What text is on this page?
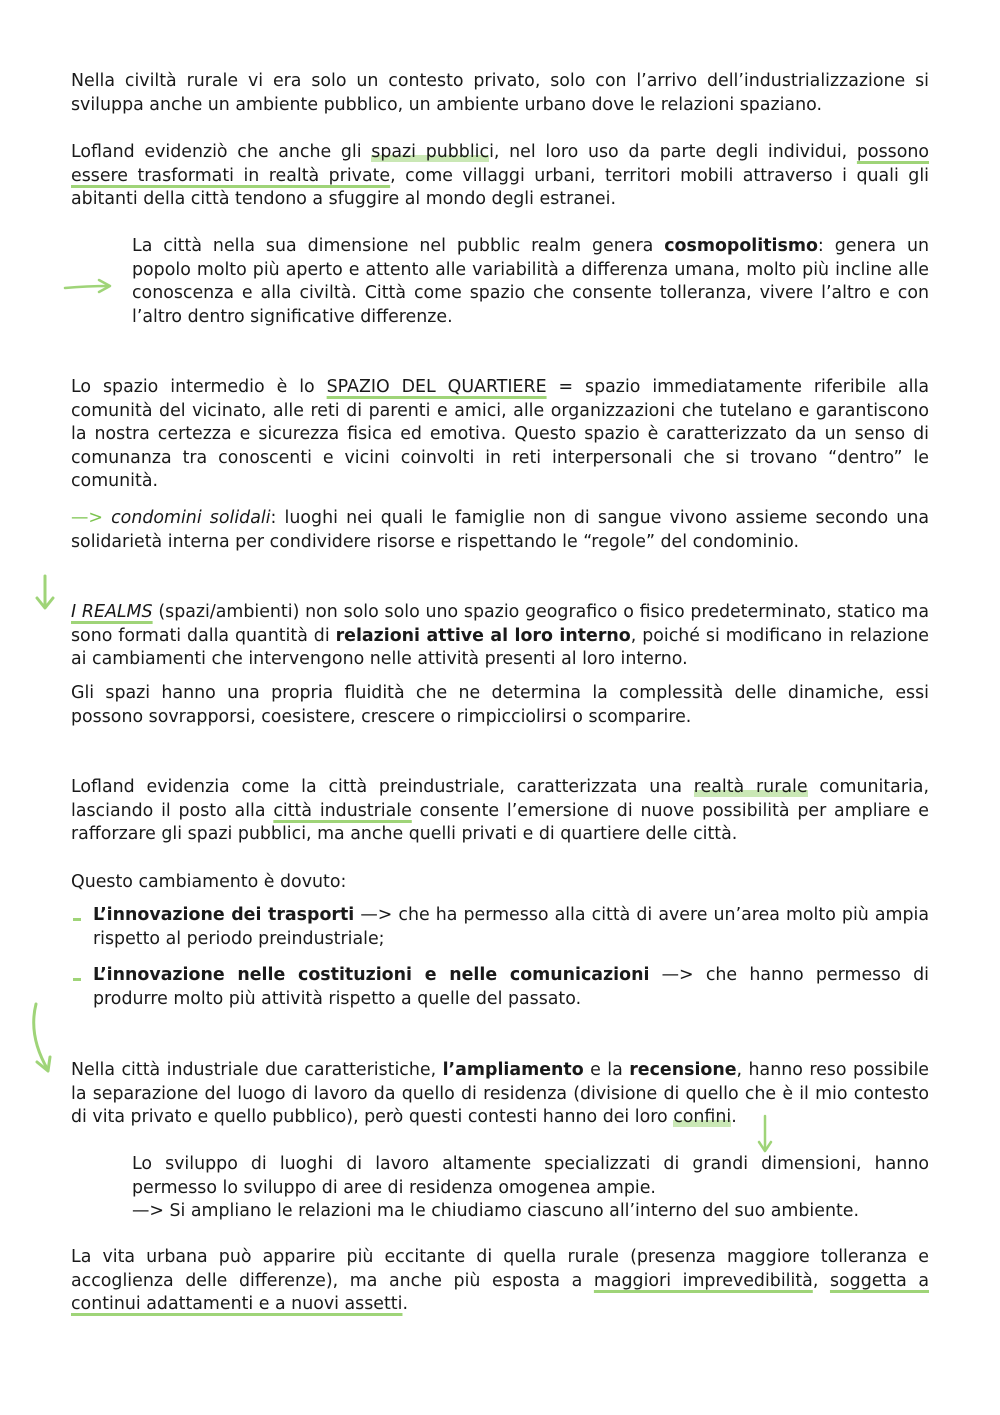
Nella civiltà rurale vi era solo un contesto privato, solo con l’arrivo dell’industrializzazione si sviluppa anche un ambiente pubblico, un ambiente urbano dove le relazioni spaziano.

Lofland evidenziò che anche gli spazi pubblici, nel loro uso da parte degli individui, possono essere trasformati in realtà private, come villaggi urbani, territori mobili attraverso i quali gli abitanti della città tendono a sfuggire al mondo degli estranei.

La città nella sua dimensione nel pubblic realm genera cosmopolitismo: genera un popolo molto più aperto e attento alle variabilità a differenza umana, molto più incline alle conoscenza e alla civiltà. Città come spazio che consente tolleranza, vivere l’altro e con l’altro dentro significative differenze.

Lo spazio intermedio è lo SPAZIO DEL QUARTIERE = spazio immediatamente riferibile alla comunità del vicinato, alle reti di parenti e amici, alle organizzazioni che tutelano e garantiscono la nostra certezza e sicurezza fisica ed emotiva. Questo spazio è caratterizzato da un senso di comunanza tra conoscenti e vicini coinvolti in reti interpersonali che si trovano “dentro” le comunità.

—> condomini solidali: luoghi nei quali le famiglie non di sangue vivono assieme secondo una solidarietà interna per condividere risorse e rispettando le “regole” del condominio.

I REALMS (spazi/ambienti) non solo solo uno spazio geografico o fisico predeterminato, statico ma sono formati dalla quantità di relazioni attive al loro interno, poiché si modificano in relazione ai cambiamenti che intervengono nelle attività presenti al loro interno.

Gli spazi hanno una propria fluidità che ne determina la complessità delle dinamiche, essi possono sovrapporsi, coesistere, crescere o rimpicciolirsi o scomparire.

Lofland evidenzia come la città preindustriale, caratterizzata una realtà rurale comunitaria, lasciando il posto alla città industriale consente l’emersione di nuove possibilità per ampliare e rafforzare gli spazi pubblici, ma anche quelli privati e di quartiere delle città.

Questo cambiamento è dovuto:

L’innovazione dei trasporti —> che ha permesso alla città di avere un’area molto più ampia rispetto al periodo preindustriale;

L’innovazione nelle costituzioni e nelle comunicazioni —> che hanno permesso di produrre molto più attività rispetto a quelle del passato.

Nella città industriale due caratteristiche, l’ampliamento e la recensione, hanno reso possibile la separazione del luogo di lavoro da quello di residenza (divisione di quello che è il mio contesto di vita privato e quello pubblico), però questi contesti hanno dei loro confini.

Lo sviluppo di luoghi di lavoro altamente specializzati di grandi dimensioni, hanno permesso lo sviluppo di aree di residenza omogenea ampie.
—> Si ampliano le relazioni ma le chiudiamo ciascuno all’interno del suo ambiente.

La vita urbana può apparire più eccitante di quella rurale (presenza maggiore tolleranza e accoglienza delle differenze), ma anche più esposta a maggiori imprevedibilità, soggetta a continui adattamenti e a nuovi assetti.
